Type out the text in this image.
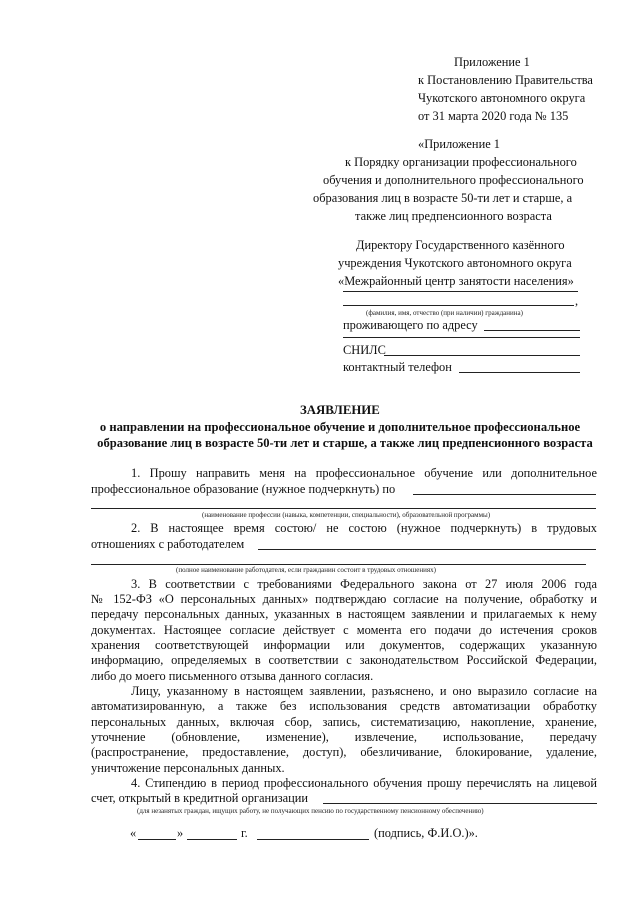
Приложение 1
к Постановлению Правительства
Чукотского автономного округа
от 31 марта 2020 года № 135
«Приложение 1
к Порядку организации профессионального
обучения и дополнительного профессионального
образования лиц в возрасте 50-ти лет и старше, а
также лиц предпенсионного возраста
Директору Государственного казённого
учреждения Чукотского автономного округа
«Межрайонный центр занятости населения»
,
(фамилия, имя, отчество (при наличии) гражданина)
проживающего по адресу
СНИЛС
контактный телефон
ЗАЯВЛЕНИЕ
о направлении на профессиональное обучение и дополнительное профессиональное
образование лиц в возрасте 50-ти лет и старше, а также лиц предпенсионного возраста
1. Прошу направить меня на профессиональное обучение или дополнительное
профессиональное образование (нужное подчеркнуть) по
(наименование профессии (навыка, компетенции, специальности), образовательной программы)
2. В настоящее время состою/ не состою (нужное подчеркнуть) в трудовых
отношениях с работодателем
(полное наименование работодателя, если гражданин состоит в трудовых отношениях)
3. В соответствии с требованиями Федерального закона от 27 июля 2006 года
№ 152-ФЗ «О персональных данных» подтверждаю согласие на получение, обработку и
передачу персональных данных, указанных в настоящем заявлении и прилагаемых к нему
документах. Настоящее согласие действует с момента его подачи до истечения сроков
хранения соответствующей информации или документов, содержащих указанную
информацию, определяемых в соответствии с законодательством Российской Федерации,
либо до моего письменного отзыва данного согласия.
Лицу, указанному в настоящем заявлении, разъяснено, и оно выразило согласие на
автоматизированную, а также без использования средств автоматизации обработку
персональных данных, включая сбор, запись, систематизацию, накопление, хранение,
уточнение (обновление, изменение), извлечение, использование, передачу
(распространение, предоставление, доступ), обезличивание, блокирование, удаление,
уничтожение персональных данных.
4. Стипендию в период профессионального обучения прошу перечислять на лицевой
счет, открытый в кредитной организации
(для незанятых граждан, ищущих работу, не получающих пенсию по государственному пенсионному обеспечению)
«	»	г.	(подпись, Ф.И.О.)».
